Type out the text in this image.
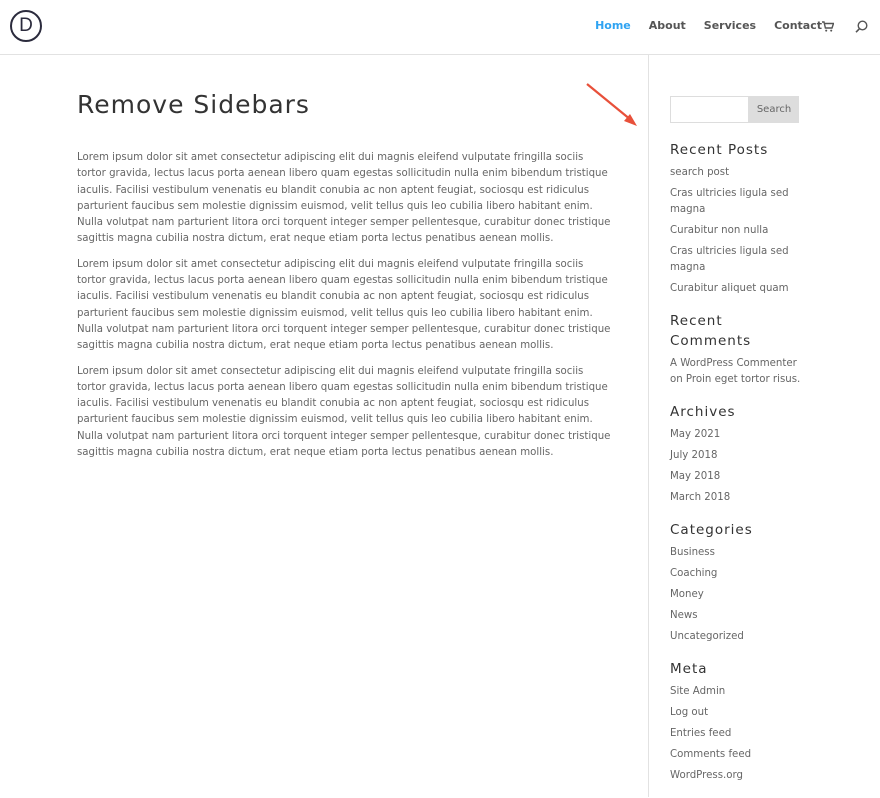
D	Home About Services Contact
Remove Sidebars

Lorem ipsum dolor sit amet consectetur adipiscing elit dui magnis eleifend vulputate fringilla sociis tortor gravida, lectus lacus porta aenean libero quam egestas sollicitudin nulla enim bibendum tristique iaculis. Facilisi vestibulum venenatis eu blandit conubia ac non aptent feugiat, sociosqu est ridiculus parturient faucibus sem molestie dignissim euismod, velit tellus quis leo cubilia libero habitant enim. Nulla volutpat nam parturient litora orci torquent integer semper pellentesque, curabitur donec tristique sagittis magna cubilia nostra dictum, erat neque etiam porta lectus penatibus aenean mollis.

Lorem ipsum dolor sit amet consectetur adipiscing elit dui magnis eleifend vulputate fringilla sociis tortor gravida, lectus lacus porta aenean libero quam egestas sollicitudin nulla enim bibendum tristique iaculis. Facilisi vestibulum venenatis eu blandit conubia ac non aptent feugiat, sociosqu est ridiculus parturient faucibus sem molestie dignissim euismod, velit tellus quis leo cubilia libero habitant enim. Nulla volutpat nam parturient litora orci torquent integer semper pellentesque, curabitur donec tristique sagittis magna cubilia nostra dictum, erat neque etiam porta lectus penatibus aenean mollis.

Lorem ipsum dolor sit amet consectetur adipiscing elit dui magnis eleifend vulputate fringilla sociis tortor gravida, lectus lacus porta aenean libero quam egestas sollicitudin nulla enim bibendum tristique iaculis. Facilisi vestibulum venenatis eu blandit conubia ac non aptent feugiat, sociosqu est ridiculus parturient faucibus sem molestie dignissim euismod, velit tellus quis leo cubilia libero habitant enim. Nulla volutpat nam parturient litora orci torquent integer semper pellentesque, curabitur donec tristique sagittis magna cubilia nostra dictum, erat neque etiam porta lectus penatibus aenean mollis.

Search
Recent Posts
search post
Cras ultricies ligula sed magna
Curabitur non nulla
Cras ultricies ligula sed magna
Curabitur aliquet quam
Recent Comments
A WordPress Commenter on Proin eget tortor risus.
Archives
May 2021
July 2018
May 2018
March 2018
Categories
Business
Coaching
Money
News
Uncategorized
Meta
Site Admin
Log out
Entries feed
Comments feed
WordPress.org
